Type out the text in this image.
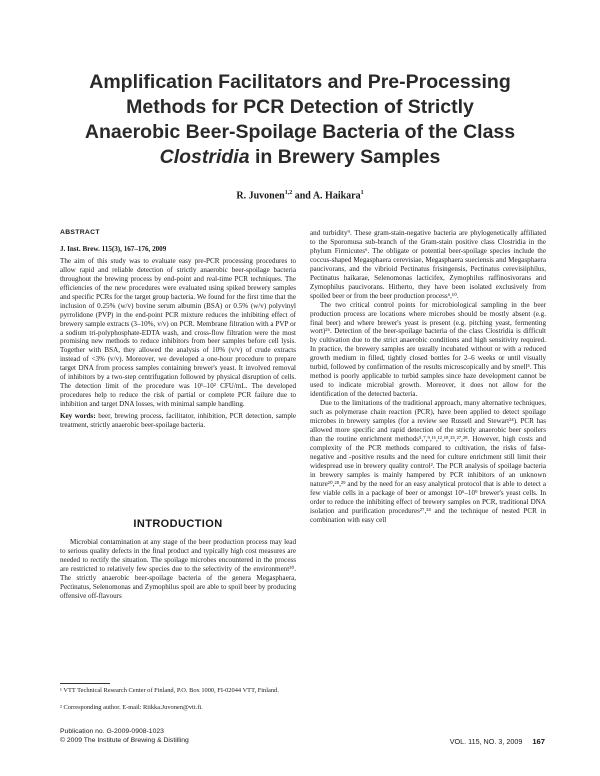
Amplification Facilitators and Pre-Processing
Methods for PCR Detection of Strictly
Anaerobic Beer-Spoilage Bacteria of the Class
Clostridia in Brewery Samples
R. Juvonen$^{1,2}$ and A. Haikara$^1$

ABSTRACT

J. Inst. Brew. 115(3), 167–176, 2009

The aim of this study was to evaluate easy pre-PCR processing procedures to allow rapid and reliable detection of strictly anaerobic beer-spoilage bacteria throughout the brewing process by end-point and real-time PCR techniques. The efficiencies of the new procedures were evaluated using spiked brewery samples and specific PCRs for the target group bacteria. We found for the first time that the inclusion of 0.25% (w/v) bovine serum albumin (BSA) or 0.5% (w/v) polyvinyl pyrrolidone (PVP) in the end-point PCR mixture reduces the inhibiting effect of brewery sample extracts (3–10%, v/v) on PCR. Membrane filtration with a PVP or a sodium tri-polyphosphate-EDTA wash, and cross-flow filtration were the most promising new methods to reduce inhibitors from beer samples before cell lysis. Together with BSA, they allowed the analysis of 10% (v/v) of crude extracts instead of <3% (v/v). Moreover, we developed a one-hour procedure to prepare target DNA from process samples containing brewer's yeast. It involved removal of inhibitors by a two-step centrifugation followed by physical disruption of cells. The detection limit of the procedure was 10¹–10² CFU/mL. The developed procedures help to reduce the risk of partial or complete PCR failure due to inhibition and target DNA losses, with minimal sample handling.

Key words: beer, brewing process, facilitator, inhibition, PCR detection, sample treatment, strictly anaerobic beer-spoilage bacteria.

INTRODUCTION
Microbial contamination at any stage of the beer production process may lead to serious quality defects in the final product and typically high cost measures are needed to rectify the situation. The spoilage microbes encountered in the process are restricted to relatively few species due to the selectivity of the environment³⁰. The strictly anaerobic beer-spoilage bacteria of the genera Megasphaera, Pectinatus, Selenomonas and Zymophilus spoil are able to spoil beer by producing offensive off-flavours
¹ VTT Technical Research Center of Finland, P.O. Box 1000, FI-02044 VTT, Finland.
² Corresponding author. E-mail: Riikka.Juvonen@vtt.fi.
Publication no. G-2009-0908-1023
© 2009 The Institute of Brewing & Distilling

and turbidity⁹. These gram-stain-negative bacteria are phylogenetically affiliated to the Sporomusa sub-branch of the Gram-stain positive class Clostridia in the phylum Firmicutes⁶. The obligate or potential beer-spoilage species include the coccus-shaped Megasphaera cerevisiae, Megasphaera sueciensis and Megasphaera paucivorans, and the vibrioid Pectinatus frisingensis, Pectinatus cerevisiiphilus, Pectinatus haikarae, Selenomonas lacticifex, Zymophilus raffinosivorans and Zymophilus paucivorans. Hitherto, they have been isolated exclusively from spoiled beer or from the beer production process⁶,¹⁰.

The two critical control points for microbiological sampling in the beer production process are locations where microbes should be mostly absent (e.g. final beer) and where brewer's yeast is present (e.g. pitching yeast, fermenting wort)²⁶. Detection of the beer-spoilage bacteria of the class Clostridia is difficult by cultivation due to the strict anaerobic conditions and high sensitivity required. In practice, the brewery samples are usually incubated without or with a reduced growth medium in filled, tightly closed bottles for 2–6 weeks or until visually turbid, followed by confirmation of the results microscopically and by smell⁵. This method is poorly applicable to turbid samples since haze development cannot be used to indicate microbial growth. Moreover, it does not allow for the identification of the detected bacteria.

Due to the limitations of the traditional approach, many alternative techniques, such as polymerase chain reaction (PCR), have been applied to detect spoilage microbes in brewery samples (for a review see Russell and Stewart²⁴). PCR has allowed more specific and rapid detection of the strictly anaerobic beer spoilers than the routine enrichment methods⁵,⁷,⁹,¹¹,¹²,¹⁸,²⁵,²⁷,²⁸. However, high costs and complexity of the PCR methods compared to cultivation, the risks of false-negative and -positive results and the need for culture enrichment still limit their widespread use in brewery quality control². The PCR analysis of spoilage bacteria in brewery samples is mainly hampered by PCR inhibitors of an unknown nature²⁰,²⁸,²⁹ and by the need for an easy analytical protocol that is able to detect a few viable cells in a package of beer or amongst 10⁶–10⁹ brewer's yeast cells. In order to reduce the inhibiting effect of brewery samples on PCR, traditional DNA isolation and purification procedures²⁷,³⁴ and the technique of nested PCR in combination with easy cell

VOL. 115, NO. 3, 2009 167
